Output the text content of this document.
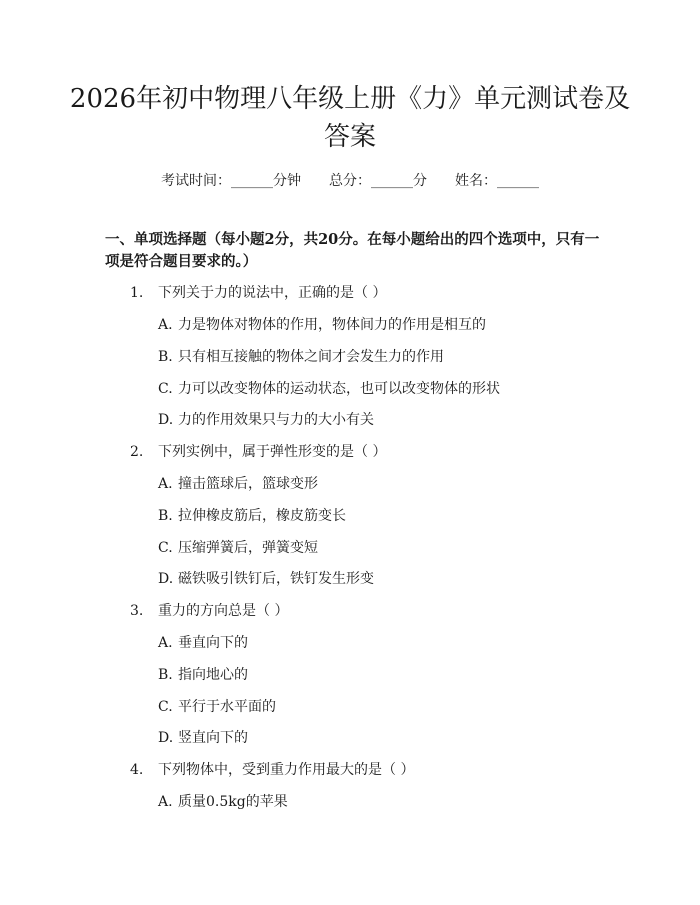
2026年初中物理八年级上册《力》单元测试卷及答案
考试时间：______分钟 总分：______分 姓名：______

一、单项选择题（每小题2分，共20分。在每小题给出的四个选项中，只有一项是符合题目要求的。）

1. 下列关于力的说法中，正确的是（ ）
A. 力是物体对物体的作用，物体间力的作用是相互的
B. 只有相互接触的物体之间才会发生力的作用
C. 力可以改变物体的运动状态，也可以改变物体的形状
D. 力的作用效果只与力的大小有关
2. 下列实例中，属于弹性形变的是（ ）
A. 撞击篮球后，篮球变形
B. 拉伸橡皮筋后，橡皮筋变长
C. 压缩弹簧后，弹簧变短
D. 磁铁吸引铁钉后，铁钉发生形变
3. 重力的方向总是（ ）
A. 垂直向下的
B. 指向地心的
C. 平行于水平面的
D. 竖直向下的
4. 下列物体中，受到重力作用最大的是（ ）
A. 质量0.5kg的苹果
